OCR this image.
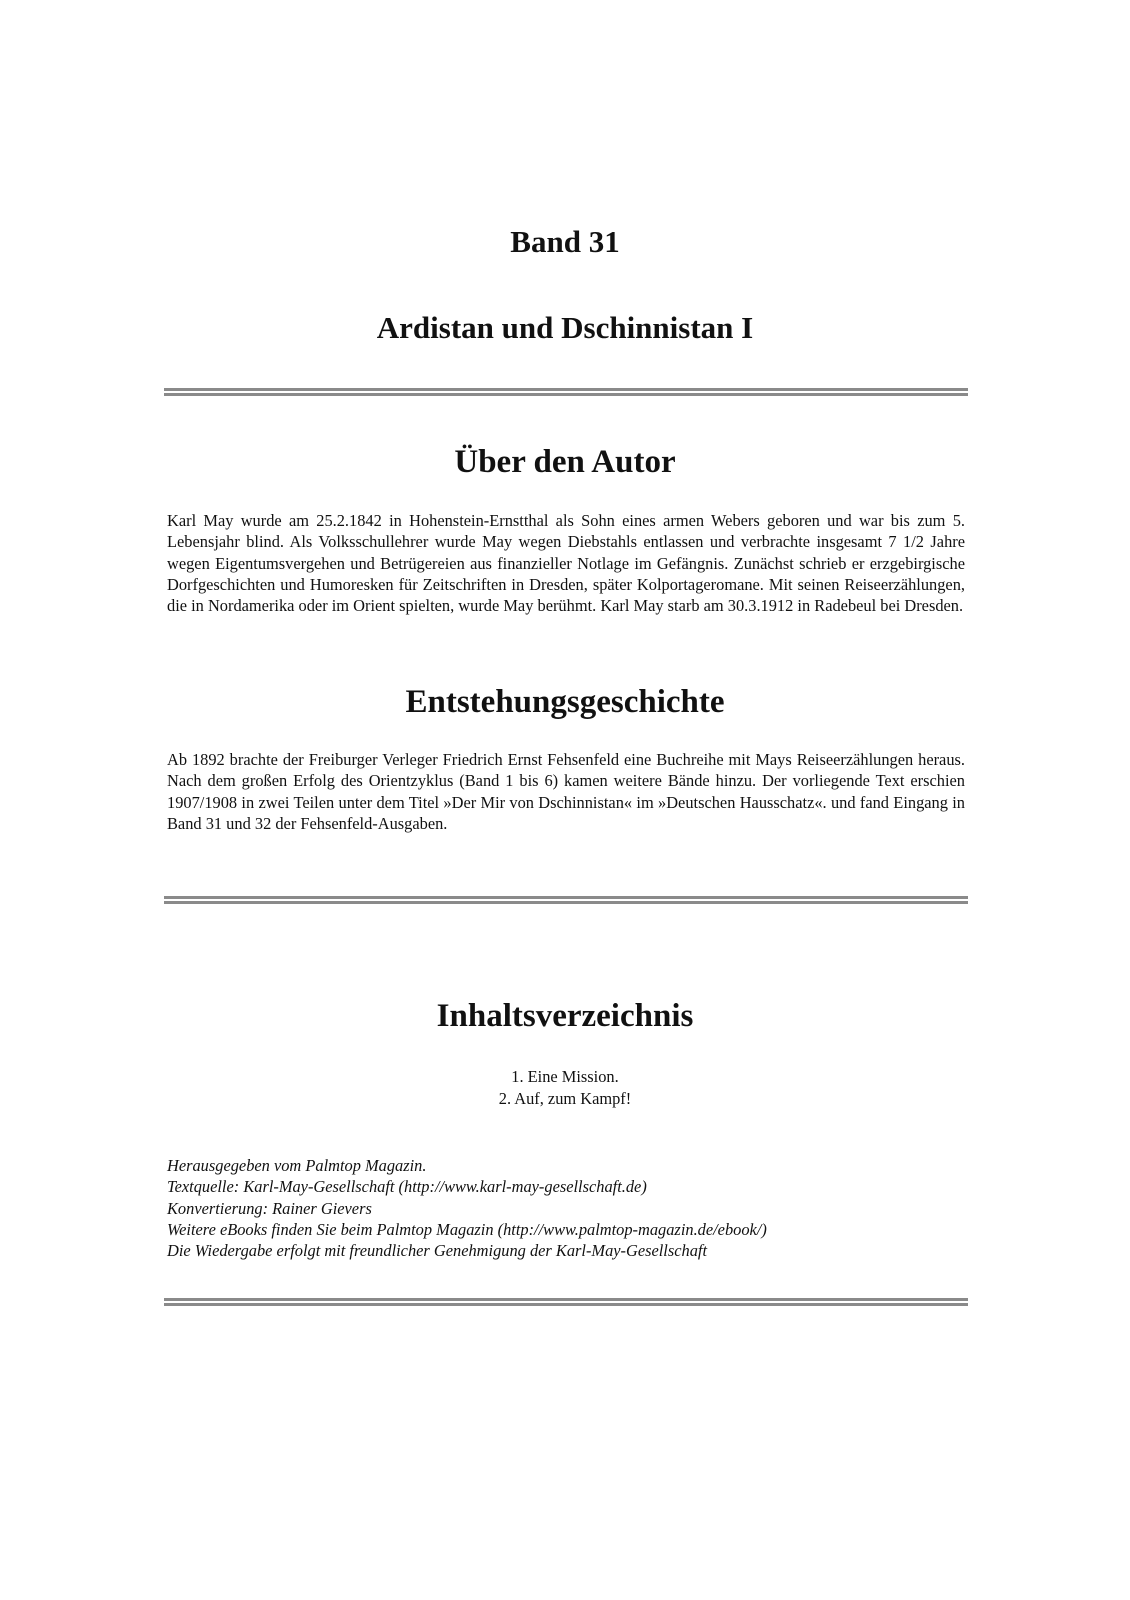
Band 31
Ardistan und Dschinnistan I
Über den Autor

Karl May wurde am 25.2.1842 in Hohenstein-Ernstthal als Sohn eines armen Webers geboren und war bis zum 5. Lebensjahr blind. Als Volksschullehrer wurde May wegen Diebstahls entlassen und verbrachte insgesamt 7 1/2 Jahre wegen Eigentumsvergehen und Betrügereien aus finanzieller Notlage im Gefängnis. Zunächst schrieb er erzgebirgische Dorfgeschichten und Humoresken für Zeitschriften in Dresden, später Kolportageromane. Mit seinen Reiseerzählungen, die in Nordamerika oder im Orient spielten, wurde May berühmt. Karl May starb am 30.3.1912 in Radebeul bei Dresden.

Entstehungsgeschichte

Ab 1892 brachte der Freiburger Verleger Friedrich Ernst Fehsenfeld eine Buchreihe mit Mays Reiseerzählungen heraus. Nach dem großen Erfolg des Orientzyklus (Band 1 bis 6) kamen weitere Bände hinzu. Der vorliegende Text erschien 1907/1908 in zwei Teilen unter dem Titel »Der Mir von Dschinnistan« im »Deutschen Hausschatz«. und fand Eingang in Band 31 und 32 der Fehsenfeld-Ausgaben.

Inhaltsverzeichnis
1. Eine Mission.
2. Auf, zum Kampf!
Herausgegeben vom Palmtop Magazin.
Textquelle: Karl-May-Gesellschaft (http://www.karl-may-gesellschaft.de)
Konvertierung: Rainer Gievers
Weitere eBooks finden Sie beim Palmtop Magazin (http://www.palmtop-magazin.de/ebook/)
Die Wiedergabe erfolgt mit freundlicher Genehmigung der Karl-May-Gesellschaft
